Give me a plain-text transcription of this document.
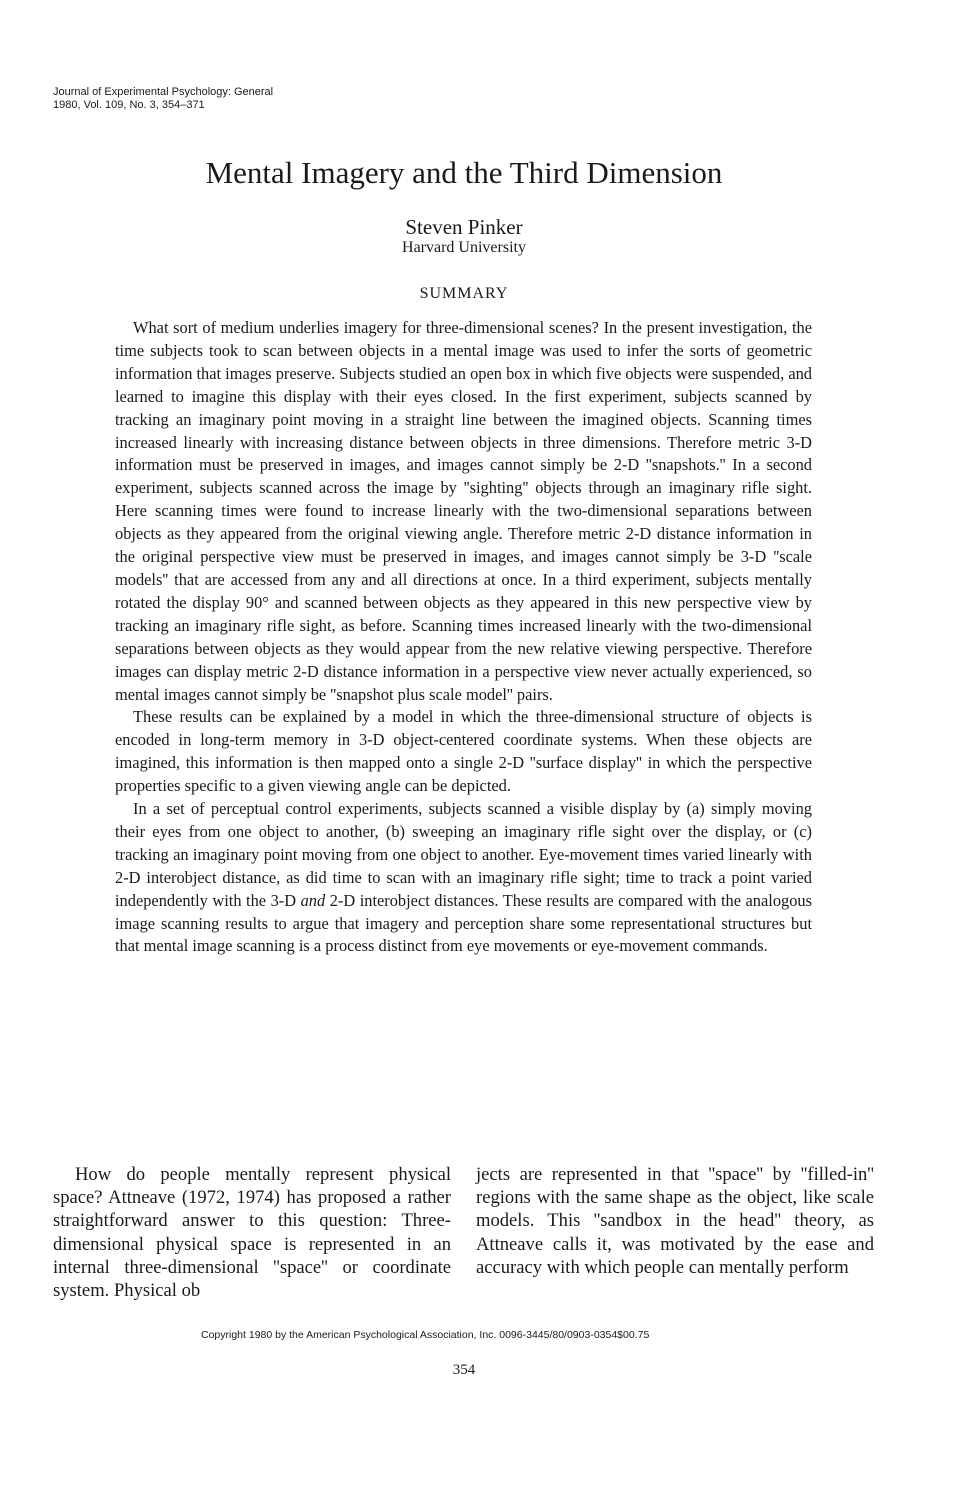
Journal of Experimental Psychology: General
1980, Vol. 109, No. 3, 354–371
Mental Imagery and the Third Dimension
Steven Pinker
Harvard University
SUMMARY

What sort of medium underlies imagery for three-dimensional scenes? In the present investigation, the time subjects took to scan between objects in a mental image was used to infer the sorts of geometric information that images preserve. Subjects studied an open box in which five objects were suspended, and learned to imagine this display with their eyes closed. In the first experiment, subjects scanned by tracking an imaginary point moving in a straight line between the imagined objects. Scanning times increased linearly with increasing distance between objects in three dimensions. Therefore metric 3-D information must be preserved in images, and images cannot simply be 2-D ''snapshots.'' In a second experiment, subjects scanned across the image by ''sighting'' objects through an imaginary rifle sight. Here scanning times were found to increase linearly with the two-dimensional separations between objects as they appeared from the original viewing angle. Therefore metric 2-D distance information in the original perspective view must be preserved in images, and images cannot simply be 3-D ''scale models'' that are accessed from any and all directions at once. In a third experiment, subjects mentally rotated the display 90° and scanned between objects as they appeared in this new perspective view by tracking an imaginary rifle sight, as before. Scanning times increased linearly with the two-dimensional separations between objects as they would appear from the new relative viewing perspective. Therefore images can display metric 2-D distance information in a perspective view never actually experienced, so mental images cannot simply be ''snapshot plus scale model'' pairs.

These results can be explained by a model in which the three-dimensional structure of objects is encoded in long-term memory in 3-D object-centered coordinate systems. When these objects are imagined, this information is then mapped onto a single 2-D ''surface display'' in which the perspective properties specific to a given viewing angle can be depicted.

In a set of perceptual control experiments, subjects scanned a visible display by (a) simply moving their eyes from one object to another, (b) sweeping an imaginary rifle sight over the display, or (c) tracking an imaginary point moving from one object to another. Eye-movement times varied linearly with 2-D interobject distance, as did time to scan with an imaginary rifle sight; time to track a point varied independently with the 3-D and 2-D interobject distances. These results are compared with the analogous image scanning results to argue that imagery and perception share some representational structures but that mental image scanning is a process distinct from eye movements or eye-movement commands.

How do people mentally represent physical space? Attneave (1972, 1974) has proposed a rather straightforward answer to this question: Three-dimensional physical space is represented in an internal three-dimensional ''space'' or coordinate system. Physical ob

jects are represented in that ''space'' by ''filled-in'' regions with the same shape as the object, like scale models. This ''sandbox in the head'' theory, as Attneave calls it, was motivated by the ease and accuracy with which people can mentally perform

Copyright 1980 by the American Psychological Association, Inc. 0096-3445/80/0903-0354$00.75
354
